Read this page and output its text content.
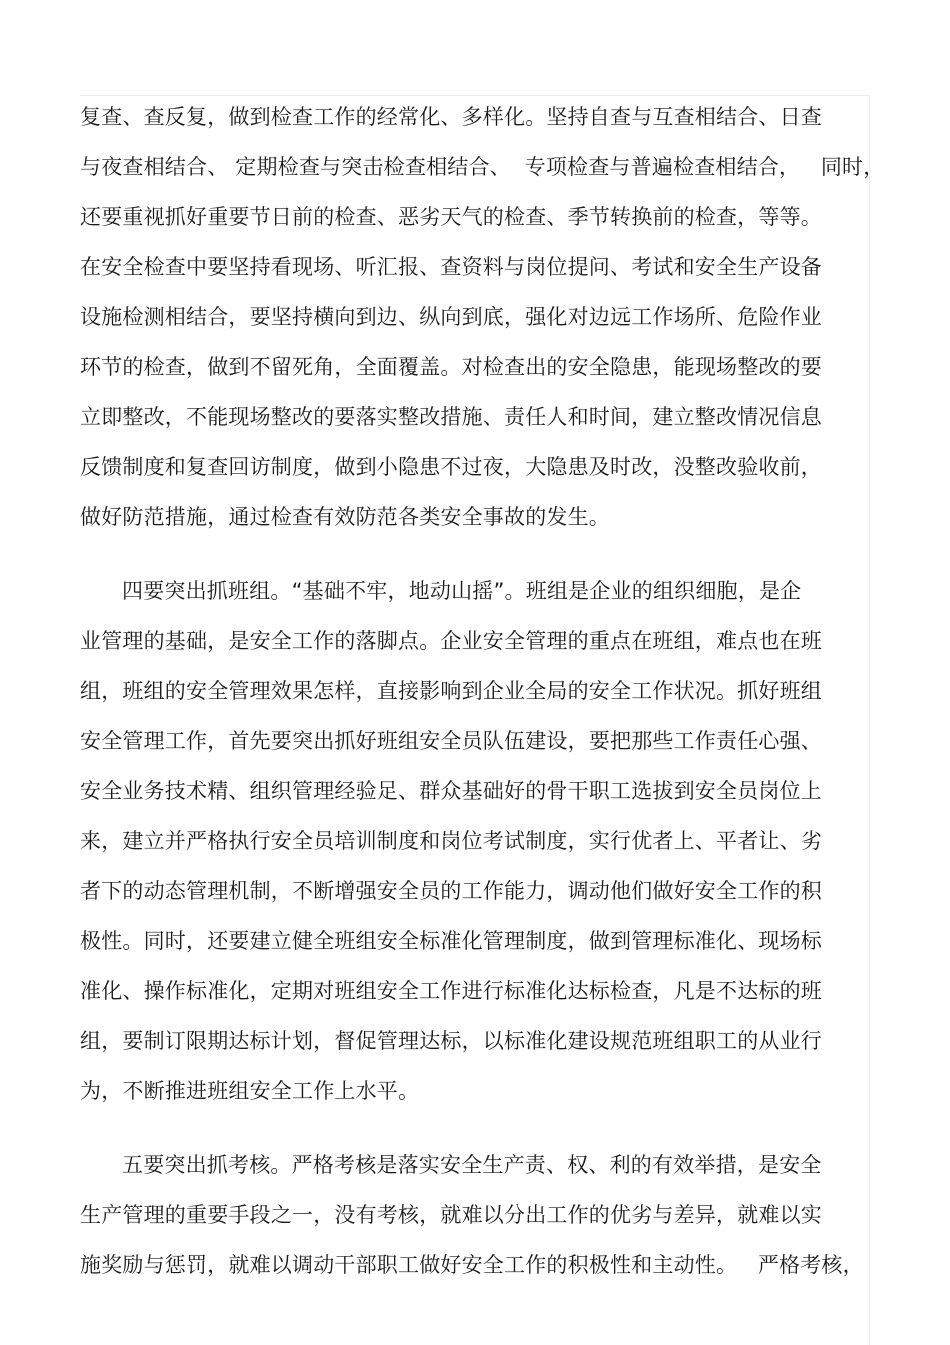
复查、查反复，做到检查工作的经常化、多样化。坚持自查与互查相结合、日查
与夜查相结合、 定期检查与突击检查相结合、  专项检查与普遍检查相结合，   同时，
还要重视抓好重要节日前的检查、恶劣天气的检查、季节转换前的检查，等等。
在安全检查中要坚持看现场、听汇报、查资料与岗位提问、考试和安全生产设备
设施检测相结合，要坚持横向到边、纵向到底，强化对边远工作场所、危险作业
环节的检查，做到不留死角，全面覆盖。对检查出的安全隐患，能现场整改的要
立即整改，不能现场整改的要落实整改措施、责任人和时间，建立整改情况信息
反馈制度和复查回访制度，做到小隐患不过夜，大隐患及时改，没整改验收前，
做好防范措施，通过检查有效防范各类安全事故的发生。
四要突出抓班组。“基础不牢，地动山摇”。班组是企业的组织细胞，是企
业管理的基础，是安全工作的落脚点。企业安全管理的重点在班组，难点也在班
组，班组的安全管理效果怎样，直接影响到企业全局的安全工作状况。抓好班组
安全管理工作，首先要突出抓好班组安全员队伍建设，要把那些工作责任心强、
安全业务技术精、组织管理经验足、群众基础好的骨干职工选拔到安全员岗位上
来，建立并严格执行安全员培训制度和岗位考试制度，实行优者上、平者让、劣
者下的动态管理机制，不断增强安全员的工作能力，调动他们做好安全工作的积
极性。同时，还要建立健全班组安全标准化管理制度，做到管理标准化、现场标
准化、操作标准化，定期对班组安全工作进行标准化达标检查，凡是不达标的班
组，要制订限期达标计划，督促管理达标，以标准化建设规范班组职工的从业行
为，不断推进班组安全工作上水平。
五要突出抓考核。严格考核是落实安全生产责、权、利的有效举措，是安全
生产管理的重要手段之一，没有考核，就难以分出工作的优劣与差异，就难以实
施奖励与惩罚，就难以调动干部职工做好安全工作的积极性和主动性。   严格考核，
